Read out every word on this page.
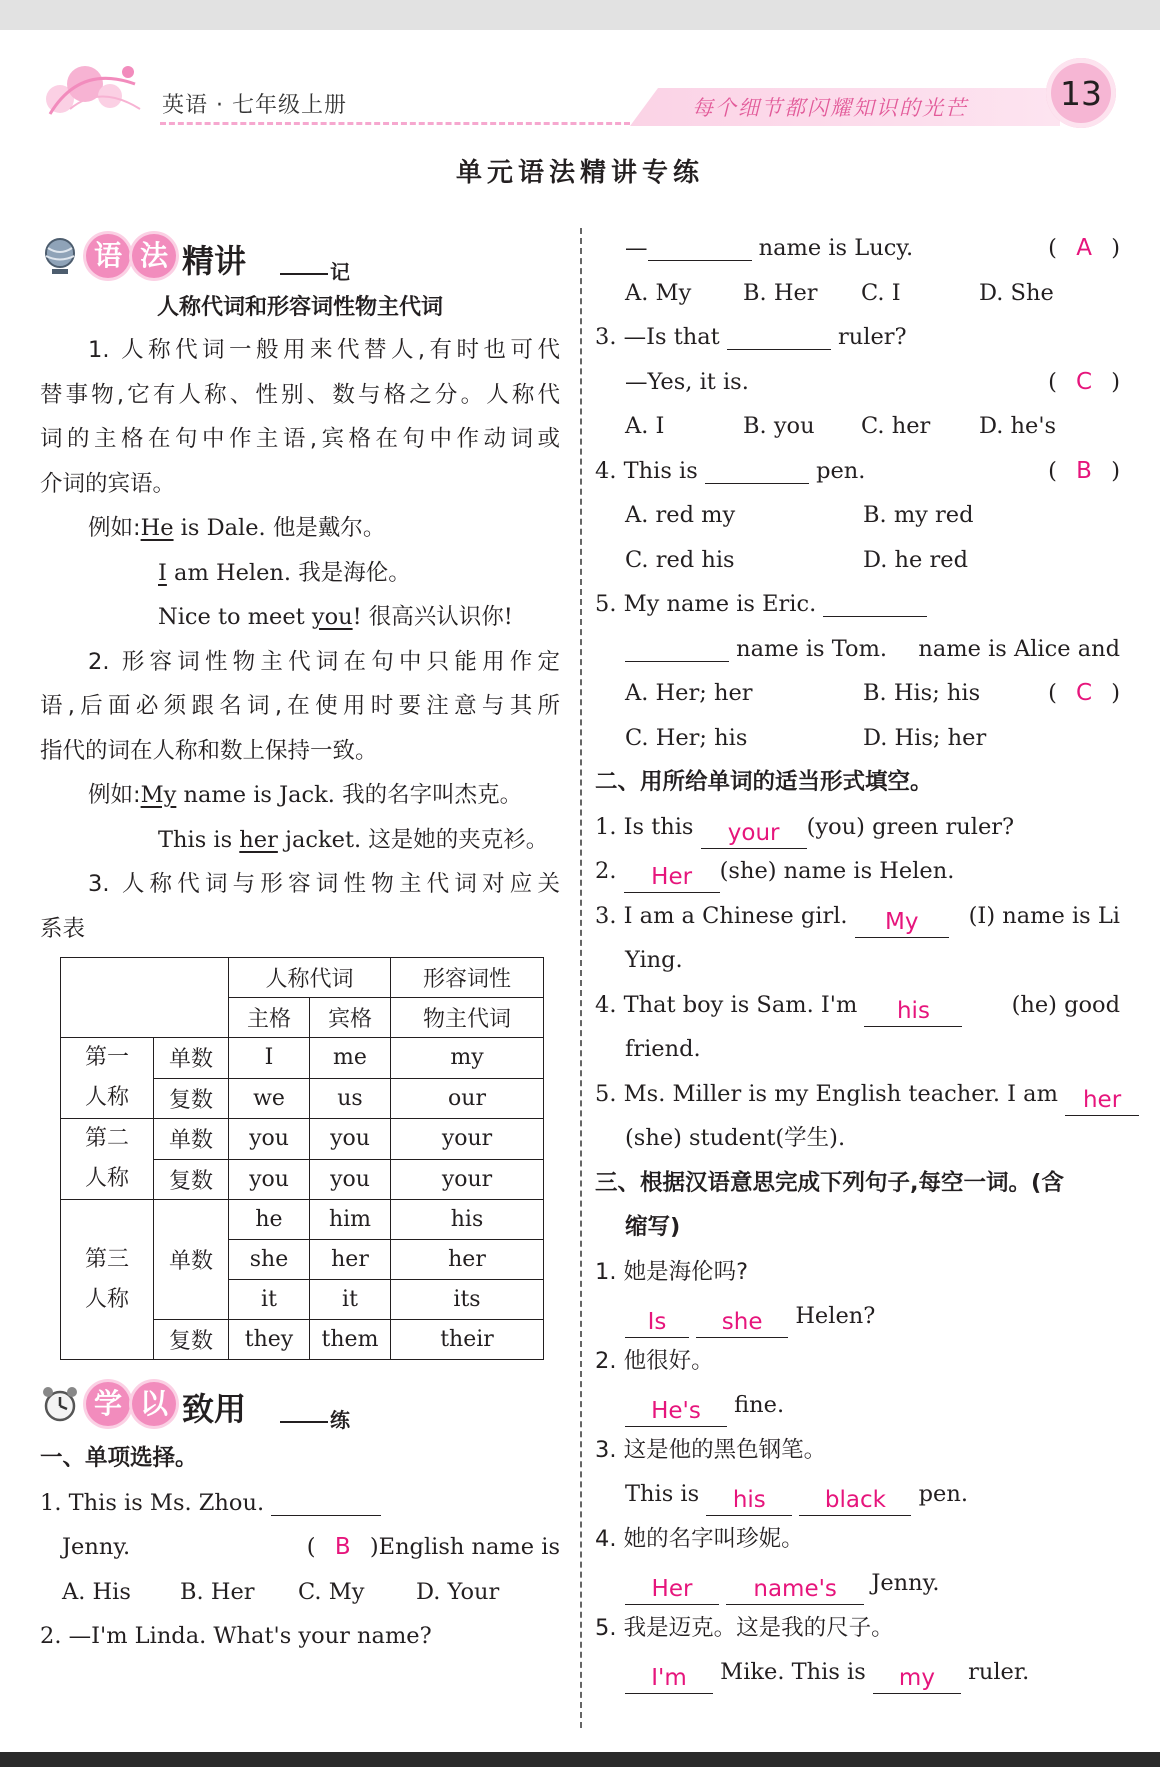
英语 · 七年级上册	每个细节都闪耀知识的光芒	13
单元语法精讲专练
语 法 精讲	记
人称代词和形容词性物主代词
1. 人称代词一般用来代替人,有时也可代
替事物,它有人称、性别、数与格之分。人称代
词的主格在句中作主语,宾格在句中作动词或
介词的宾语。
例如:He is Dale. 他是戴尔。
I am Helen. 我是海伦。
Nice to meet you! 很高兴认识你!
2. 形容词性物主代词在句中只能用作定
语,后面必须跟名词,在使用时要注意与其所
指代的词在人称和数上保持一致。
例如:My name is Jack. 我的名字叫杰克。
This is her jacket. 这是她的夹克衫。
3. 人称代词与形容词性物主代词对应关
系表
		人称代词		形容词性
		主格	宾格	物主代词
第一
人称	单数	I	me	my
	复数	we	us	our
第二
人称	单数	you	you	your
	复数	you	you	your
第三
人称	单数	he	him	his
		she	her	her
		it	it	its
	复数	they	them	their
学 以 致用	练
一、单项选择。
1. This is Ms. Zhou.
English name is
Jenny.	( B )
A. His B. Her C. My D. Your
2. —I'm Linda. What's your name?
—	name is Lucy.	( A )
A. My B. Her C. I	D. She
3. —Is that	ruler?
—Yes, it is.	( C )
A. I	B. you C. her D. he's
4. This is	pen.	( B )
A. red my	B. my red
C. red his	D. he red
5. My name is Eric.
name is Alice and
name is Tom.
( C )
A. Her; her	B. His; his
C. Her; his	D. His; her
二、用所给单词的适当形式填空。
1. Is this your (you) green ruler?
2. Her (she) name is Helen.
3. I am a Chinese girl. My (I) name is Li
Ying.
4. That boy is Sam. I'm his	(he) good
friend.
5. Ms. Miller is my English teacher. I am her
(she) student(学生).
三、根据汉语意思完成下列句子,每空一词。(含
缩写)
1. 她是海伦吗?
Is she Helen?
2. 他很好。
He's fine.
3. 这是他的黑色钢笔。
This is his	black pen.
4. 她的名字叫珍妮。
Her	name's Jenny.
5. 我是迈克。这是我的尺子。
I'm Mike. This is my ruler.
